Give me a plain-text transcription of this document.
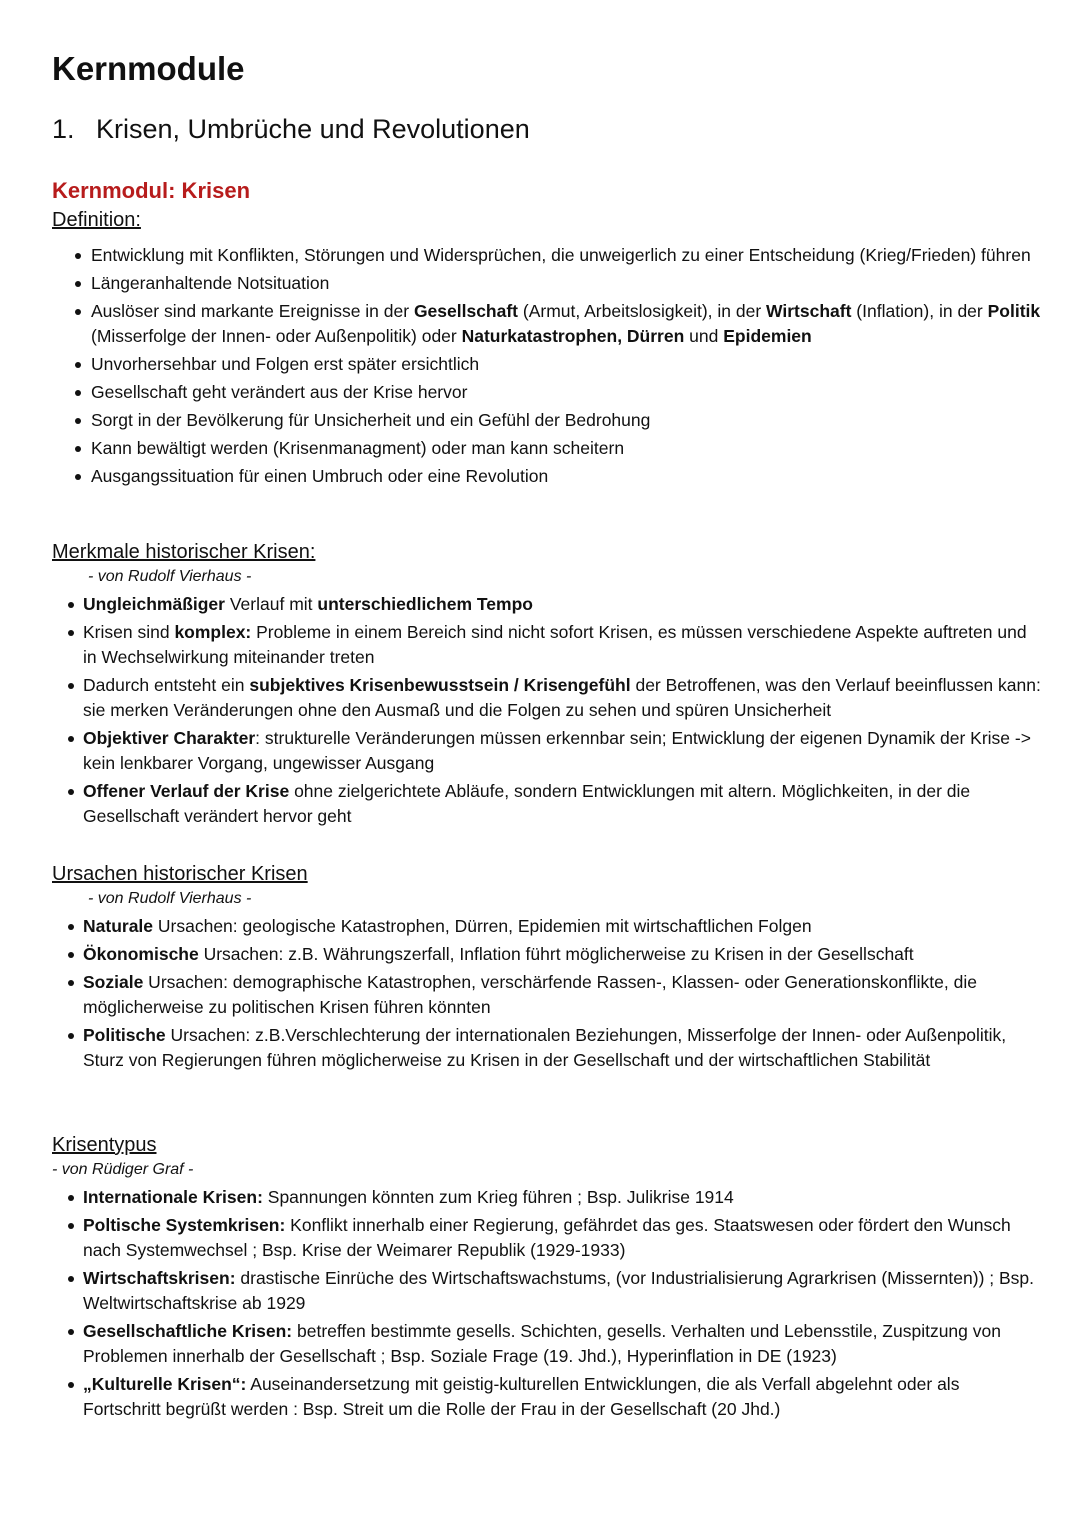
Kernmodule
1. Krisen, Umbrüche und Revolutionen
Kernmodul: Krisen
Definition:
Entwicklung mit Konflikten, Störungen und Widersprüchen, die unweigerlich zu einer Entscheidung (Krieg/Frieden) führen
Längeranhaltende Notsituation
Auslöser sind markante Ereignisse in der Gesellschaft (Armut, Arbeitslosigkeit), in der Wirtschaft (Inflation), in der Politik (Misserfolge der Innen- oder Außenpolitik) oder Naturkatastrophen, Dürren und Epidemien
Unvorhersehbar und Folgen erst später ersichtlich
Gesellschaft geht verändert aus der Krise hervor
Sorgt in der Bevölkerung für Unsicherheit und ein Gefühl der Bedrohung
Kann bewältigt werden (Krisenmanagment) oder man kann scheitern
Ausgangssituation für einen Umbruch oder eine Revolution
Merkmale historischer Krisen:
- von Rudolf Vierhaus -
Ungleichmäßiger Verlauf mit unterschiedlichem Tempo
Krisen sind komplex: Probleme in einem Bereich sind nicht sofort Krisen, es müssen verschiedene Aspekte auftreten und in Wechselwirkung miteinander treten
Dadurch entsteht ein subjektives Krisenbewusstsein / Krisengefühl der Betroffenen, was den Verlauf beeinflussen kann: sie merken Veränderungen ohne den Ausmaß und die Folgen zu sehen und spüren Unsicherheit
Objektiver Charakter: strukturelle Veränderungen müssen erkennbar sein; Entwicklung der eigenen Dynamik der Krise -> kein lenkbarer Vorgang, ungewisser Ausgang
Offener Verlauf der Krise ohne zielgerichtete Abläufe, sondern Entwicklungen mit altern. Möglichkeiten, in der die Gesellschaft verändert hervor geht
Ursachen historischer Krisen
- von Rudolf Vierhaus -
Naturale Ursachen: geologische Katastrophen, Dürren, Epidemien mit wirtschaftlichen Folgen
Ökonomische Ursachen: z.B. Währungszerfall, Inflation führt möglicherweise zu Krisen in der Gesellschaft
Soziale Ursachen: demographische Katastrophen, verschärfende Rassen-, Klassen- oder Generationskonflikte, die möglicherweise zu politischen Krisen führen könnten
Politische Ursachen: z.B.Verschlechterung der internationalen Beziehungen, Misserfolge der Innen- oder Außenpolitik, Sturz von Regierungen führen möglicherweise zu Krisen in der Gesellschaft und der wirtschaftlichen Stabilität
Krisentypus
- von Rüdiger Graf -
Internationale Krisen: Spannungen könnten zum Krieg führen ; Bsp. Julikrise 1914
Poltische Systemkrisen: Konflikt innerhalb einer Regierung, gefährdet das ges. Staatswesen oder fördert den Wunsch nach Systemwechsel ; Bsp. Krise der Weimarer Republik (1929-1933)
Wirtschaftskrisen: drastische Einrüche des Wirtschaftswachstums, (vor Industrialisierung Agrarkrisen (Missernten)) ; Bsp. Weltwirtschaftskrise ab 1929
Gesellschaftliche Krisen: betreffen bestimmte gesells. Schichten, gesells. Verhalten und Lebensstile, Zuspitzung von Problemen innerhalb der Gesellschaft ; Bsp. Soziale Frage (19. Jhd.), Hyperinflation in DE (1923)
„Kulturelle Krisen“: Auseinandersetzung mit geistig-kulturellen Entwicklungen, die als Verfall abgelehnt oder als Fortschritt begrüßt werden : Bsp. Streit um die Rolle der Frau in der Gesellschaft (20 Jhd.)
